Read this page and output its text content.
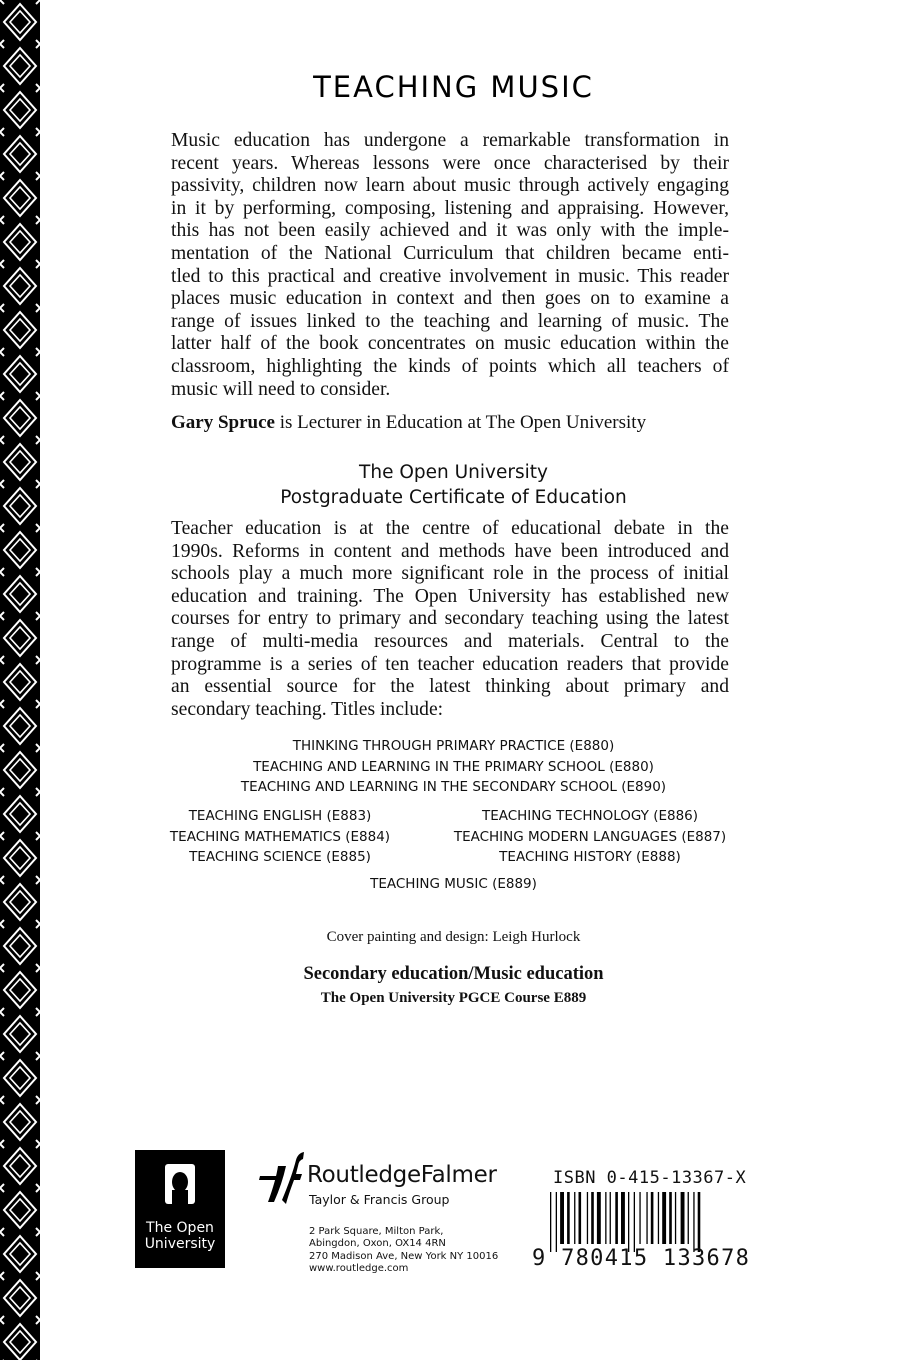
TEACHING MUSIC
Music education has undergone a remarkable transformation in
recent years. Whereas lessons were once characterised by their
passivity, children now learn about music through actively engaging
in it by performing, composing, listening and appraising. However,
this has not been easily achieved and it was only with the imple-
mentation of the National Curriculum that children became enti-
tled to this practical and creative involvement in music. This reader
places music education in context and then goes on to examine a
range of issues linked to the teaching and learning of music. The
latter half of the book concentrates on music education within the
classroom, highlighting the kinds of points which all teachers of
music will need to consider.
Gary Spruce is Lecturer in Education at The Open University
The Open University
Postgraduate Certificate of Education
Teacher education is at the centre of educational debate in the
1990s. Reforms in content and methods have been introduced and
schools play a much more significant role in the process of initial
education and training. The Open University has established new
courses for entry to primary and secondary teaching using the latest
range of multi-media resources and materials. Central to the
programme is a series of ten teacher education readers that provide
an essential source for the latest thinking about primary and
secondary teaching. Titles include:
THINKING THROUGH PRIMARY PRACTICE (E880)
TEACHING AND LEARNING IN THE PRIMARY SCHOOL (E880)
TEACHING AND LEARNING IN THE SECONDARY SCHOOL (E890)
TEACHING ENGLISH (E883)
TEACHING MATHEMATICS (E884)
TEACHING SCIENCE (E885)
TEACHING TECHNOLOGY (E886)
TEACHING MODERN LANGUAGES (E887)
TEACHING HISTORY (E888)
TEACHING MUSIC (E889)
Cover painting and design: Leigh Hurlock
Secondary education/Music education
The Open University PGCE Course E889
The Open
University
RoutledgeFalmer
Taylor & Francis Group
2 Park Square, Milton Park,
Abingdon, Oxon, OX14 4RN
270 Madison Ave, New York NY 10016
www.routledge.com
ISBN 0-415-13367-X
9 780415 133678
